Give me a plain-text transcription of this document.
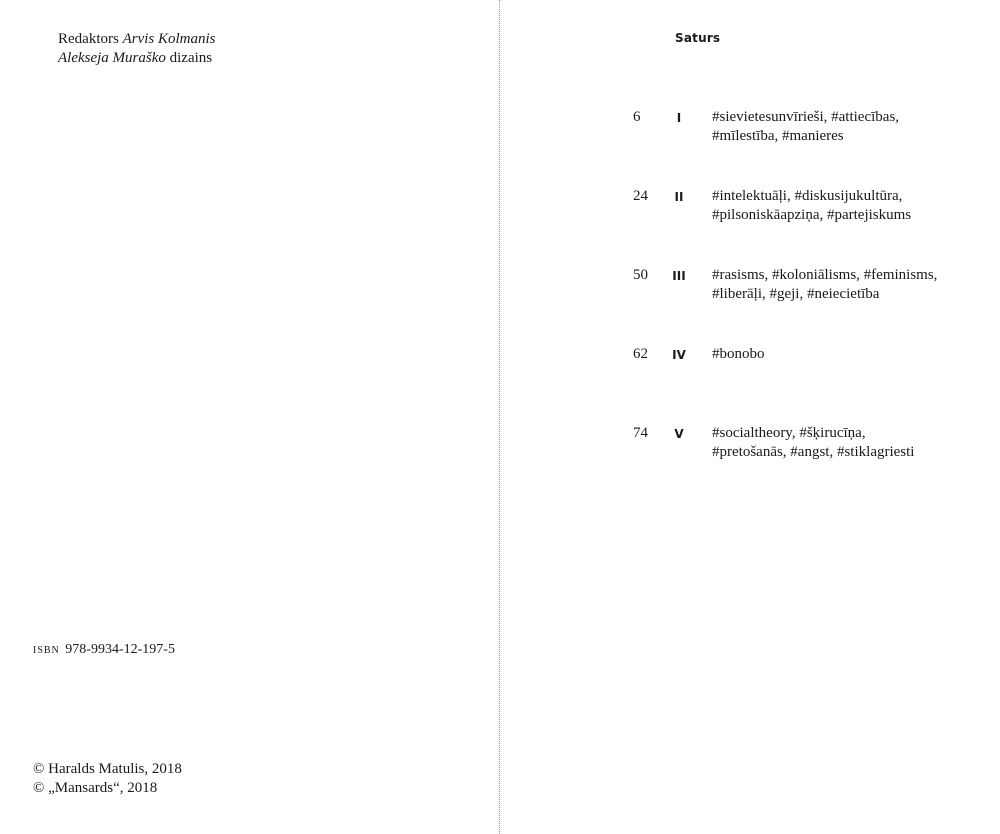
Redaktors Arvis Kolmanis
Alekseja Muraško dizains
isbn 978-9934-12-197-5
© Haralds Matulis, 2018
© „Mansards“, 2018
Saturs
6	I	#sievietesunvīrieši, #attiecības,
#mīlestība, #manieres
24	II	#intelektuāļi, #diskusijukultūra,
#pilsoniskāapziņa, #partejiskums
50	III	#rasisms, #koloniālisms, #feminisms,
#liberāļi, #geji, #neiecietība
62	IV	#bonobo
74	V	#socialtheory, #šķirucīņa,
#pretošanās, #angst, #stiklagriesti
